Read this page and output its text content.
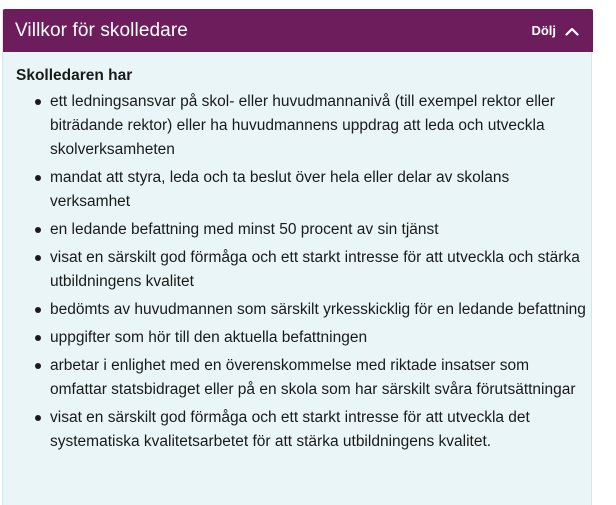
Villkor för skolledare	Dölj

Skolledaren har

ett ledningsansvar på skol- eller huvudmannanivå (till exempel rektor eller biträdande rektor) eller ha huvudmannens uppdrag att leda och utveckla skolverksamheten
mandat att styra, leda och ta beslut över hela eller delar av skolans verksamhet
en ledande befattning med minst 50 procent av sin tjänst
visat en särskilt god förmåga och ett starkt intresse för att utveckla och stärka utbildningens kvalitet
bedömts av huvudmannen som särskilt yrkesskicklig för en ledande befattning
uppgifter som hör till den aktuella befattningen
arbetar i enlighet med en överenskommelse med riktade insatser som omfattar statsbidraget eller på en skola som har särskilt svåra förutsättningar
visat en särskilt god förmåga och ett starkt intresse för att utveckla det systematiska kvalitetsarbetet för att stärka utbildningens kvalitet.
